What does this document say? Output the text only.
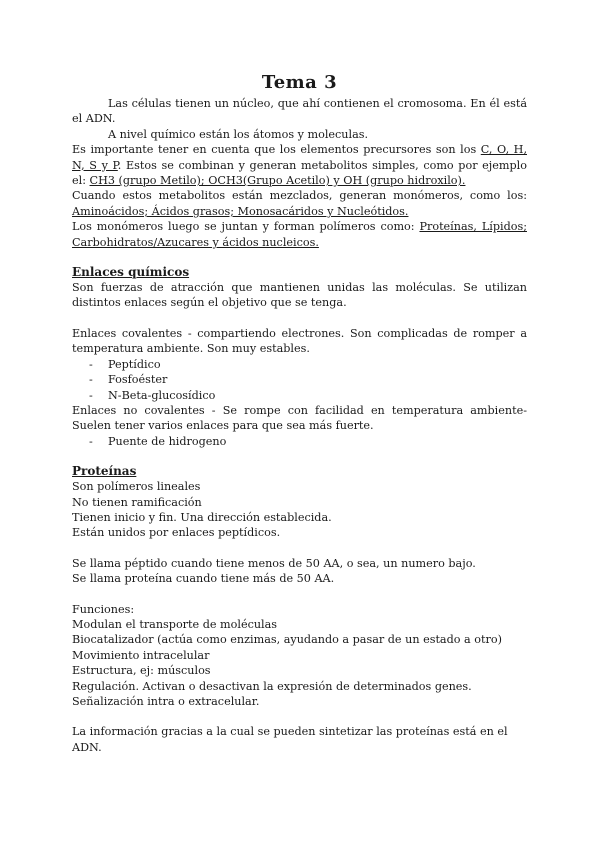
Tema 3

Las células tienen un núcleo, que ahí contienen el cromosoma. En él está el ADN.

A nivel químico están los átomos y moleculas.

Es importante tener en cuenta que los elementos precursores son los C, O, H, N, S y P. Estos se combinan y generan metabolitos simples, como por ejemplo el: CH3 (grupo Metilo); OCH3(Grupo Acetilo) y OH (grupo hidroxilo).

Cuando estos metabolitos están mezclados, generan monómeros, como los: Aminoácidos; Ácidos grasos; Monosacáridos y Nucleótidos.

Los monómeros luego se juntan y forman polímeros como: Proteínas, Lípidos; Carbohidratos/Azucares y ácidos nucleicos.

Enlaces químicos

Son fuerzas de atracción que mantienen unidas las moléculas. Se utilizan distintos enlaces según el objetivo que se tenga.

Enlaces covalentes - compartiendo electrones. Son complicadas de romper a temperatura ambiente. Son muy estables.

- Peptídico
- Fosfoéster
- N-Beta-glucosídico

Enlaces no covalentes - Se rompe con facilidad en temperatura ambiente- Suelen tener varios enlaces para que sea más fuerte.

- Puente de hidrogeno
Proteínas

Son polímeros lineales

No tienen ramificación

Tienen inicio y fin. Una dirección establecida.

Están unidos por enlaces peptídicos.

Se llama péptido cuando tiene menos de 50 AA, o sea, un numero bajo.

Se llama proteína cuando tiene más de 50 AA.

Funciones:

Modulan el transporte de moléculas

Biocatalizador (actúa como enzimas, ayudando a pasar de un estado a otro)

Movimiento intracelular

Estructura, ej: músculos

Regulación. Activan o desactivan la expresión de determinados genes.

Señalización intra o extracelular.

La información gracias a la cual se pueden sintetizar las proteínas está en el ADN.
